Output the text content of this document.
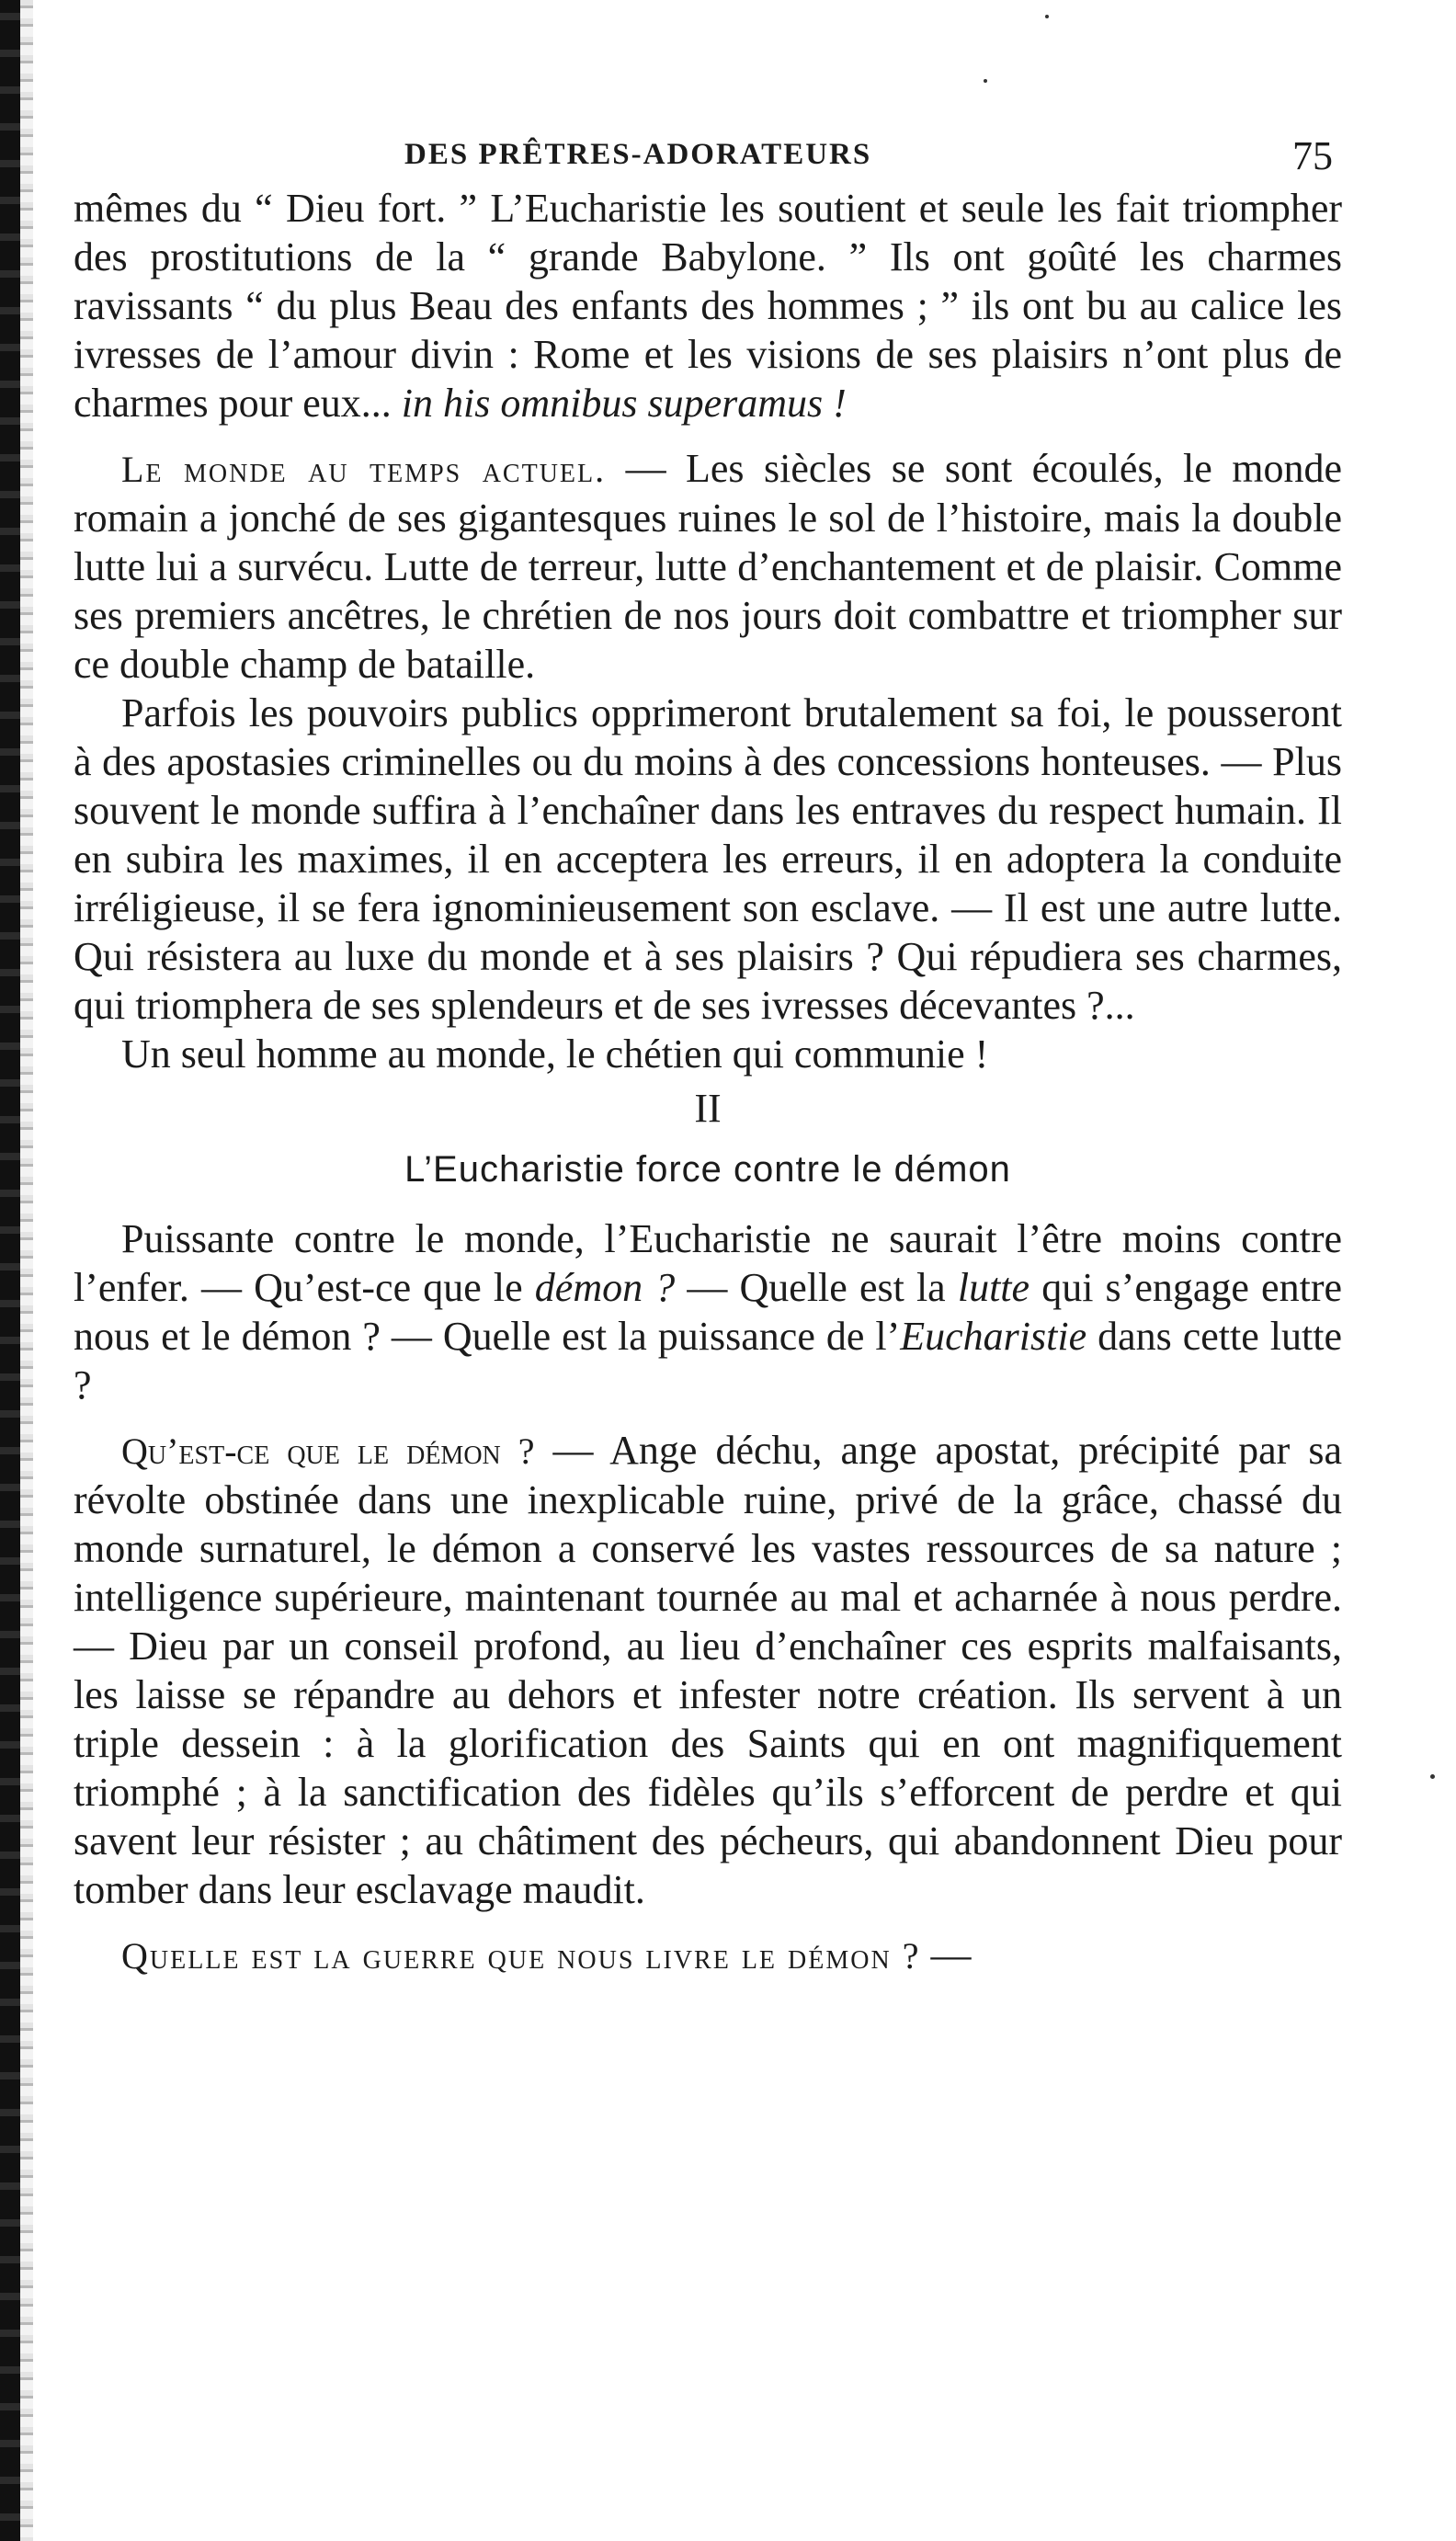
DES PRÊTRES-ADORATEURS	75

mêmes du “ Dieu fort. ” L’Eucharistie les soutient et seule les fait triompher des prostitutions de la “ grande Babylone. ” Ils ont goûté les charmes ravissants “ du plus Beau des enfants des hommes ; ” ils ont bu au calice les ivresses de l’amour divin : Rome et les visions de ses plaisirs n’ont plus de charmes pour eux... in his omnibus superamus !

Le monde au temps actuel. — Les siècles se sont écoulés, le monde romain a jonché de ses gigantesques ruines le sol de l’histoire, mais la double lutte lui a survécu. Lutte de terreur, lutte d’enchantement et de plaisir. Comme ses premiers ancêtres, le chrétien de nos jours doit combattre et triompher sur ce double champ de bataille.

Parfois les pouvoirs publics opprimeront brutalement sa foi, le pousseront à des apostasies criminelles ou du moins à des concessions honteuses. — Plus souvent le monde suffira à l’enchaîner dans les entraves du respect humain. Il en subira les maximes, il en acceptera les erreurs, il en adoptera la conduite irréligieuse, il se fera ignominieusement son esclave. — Il est une autre lutte. Qui résistera au luxe du monde et à ses plaisirs ? Qui répudiera ses charmes, qui triomphera de ses splendeurs et de ses ivresses décevantes ?...

Un seul homme au monde, le chétien qui communie !

II

L’Eucharistie force contre le démon

Puissante contre le monde, l’Eucharistie ne saurait l’être moins contre l’enfer. — Qu’est-ce que le démon ? — Quelle est la lutte qui s’engage entre nous et le démon ? — Quelle est la puissance de l’Eucharistie dans cette lutte ?

Qu’est-ce que le démon ? — Ange déchu, ange apostat, précipité par sa révolte obstinée dans une inexplicable ruine, privé de la grâce, chassé du monde surnaturel, le démon a conservé les vastes ressources de sa nature ; intelligence supérieure, maintenant tournée au mal et acharnée à nous perdre. — Dieu par un conseil profond, au lieu d’enchaîner ces esprits malfaisants, les laisse se répandre au dehors et infester notre création. Ils servent à un triple dessein : à la glorification des Saints qui en ont magnifiquement triomphé ; à la sanctification des fidèles qu’ils s’efforcent de perdre et qui savent leur résister ; au châtiment des pécheurs, qui abandonnent Dieu pour tomber dans leur esclavage maudit.

Quelle est la guerre que nous livre le démon ? —
